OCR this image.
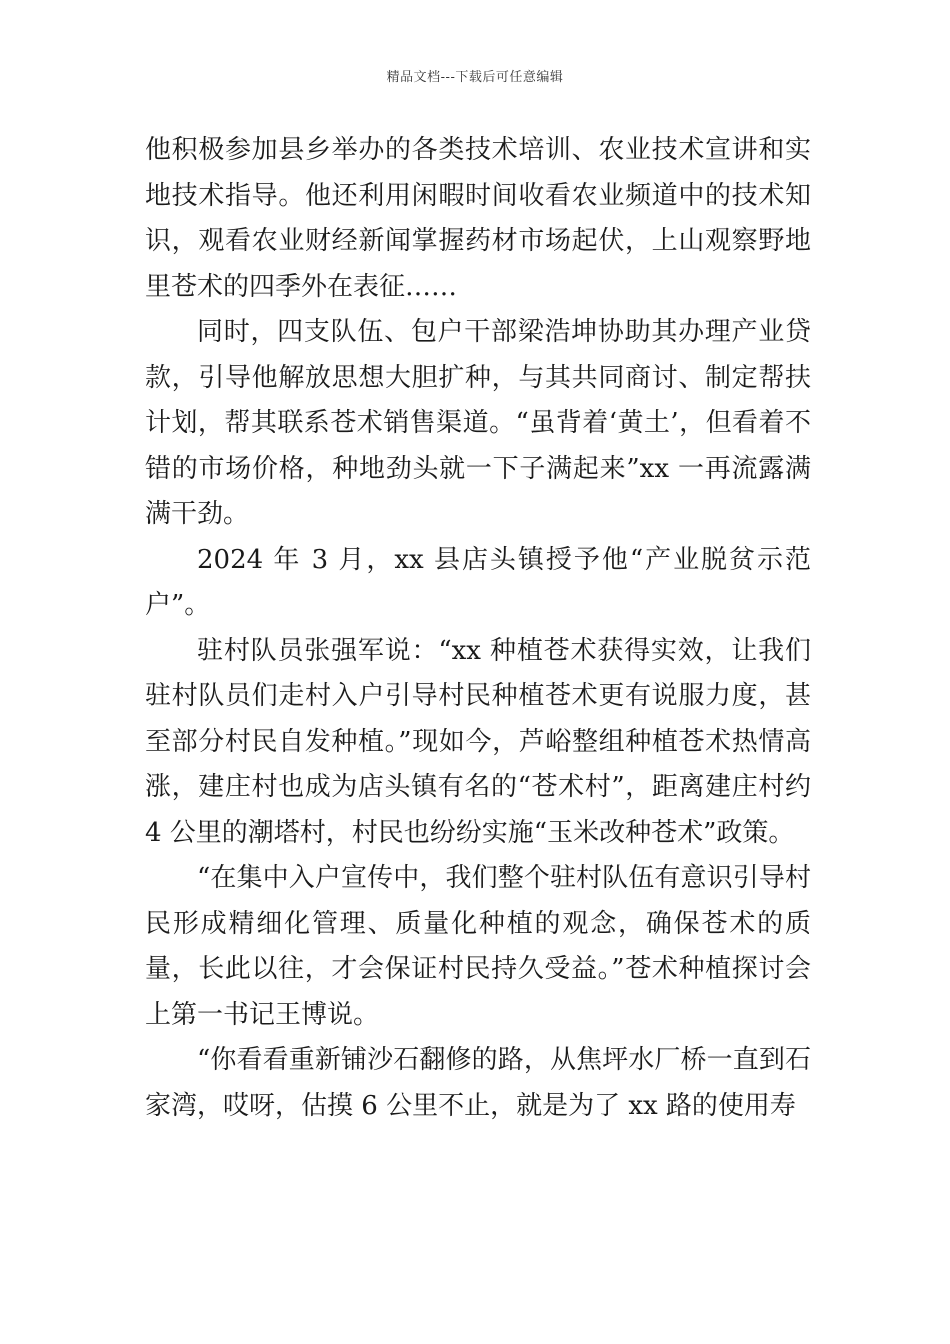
精品文档---下载后可任意编辑

他积极参加县乡举办的各类技术培训、农业技术宣讲和实地技术指导。他还利用闲暇时间收看农业频道中的技术知识，观看农业财经新闻掌握药材市场起伏，上山观察野地里苍术的四季外在表征……

同时，四支队伍、包户干部梁浩坤协助其办理产业贷款，引导他解放思想大胆扩种，与其共同商讨、制定帮扶计划，帮其联系苍术销售渠道。“虽背着‘黄土’，但看着不错的市场价格，种地劲头就一下子满起来”xx 一再流露满满干劲。

2024 年 3 月，xx 县店头镇授予他“产业脱贫示范户”。

驻村队员张强军说：“xx 种植苍术获得实效，让我们驻村队员们走村入户引导村民种植苍术更有说服力度，甚至部分村民自发种植。”现如今，芦峪整组种植苍术热情高涨，建庄村也成为店头镇有名的“苍术村”，距离建庄村约 4 公里的潮塔村，村民也纷纷实施“玉米改种苍术”政策。

“在集中入户宣传中，我们整个驻村队伍有意识引导村民形成精细化管理、质量化种植的观念，确保苍术的质量，长此以往，才会保证村民持久受益。”苍术种植探讨会上第一书记王博说。

“你看看重新铺沙石翻修的路，从焦坪水厂桥一直到石家湾，哎呀，估摸 6 公里不止，就是为了 xx 路的使用寿
